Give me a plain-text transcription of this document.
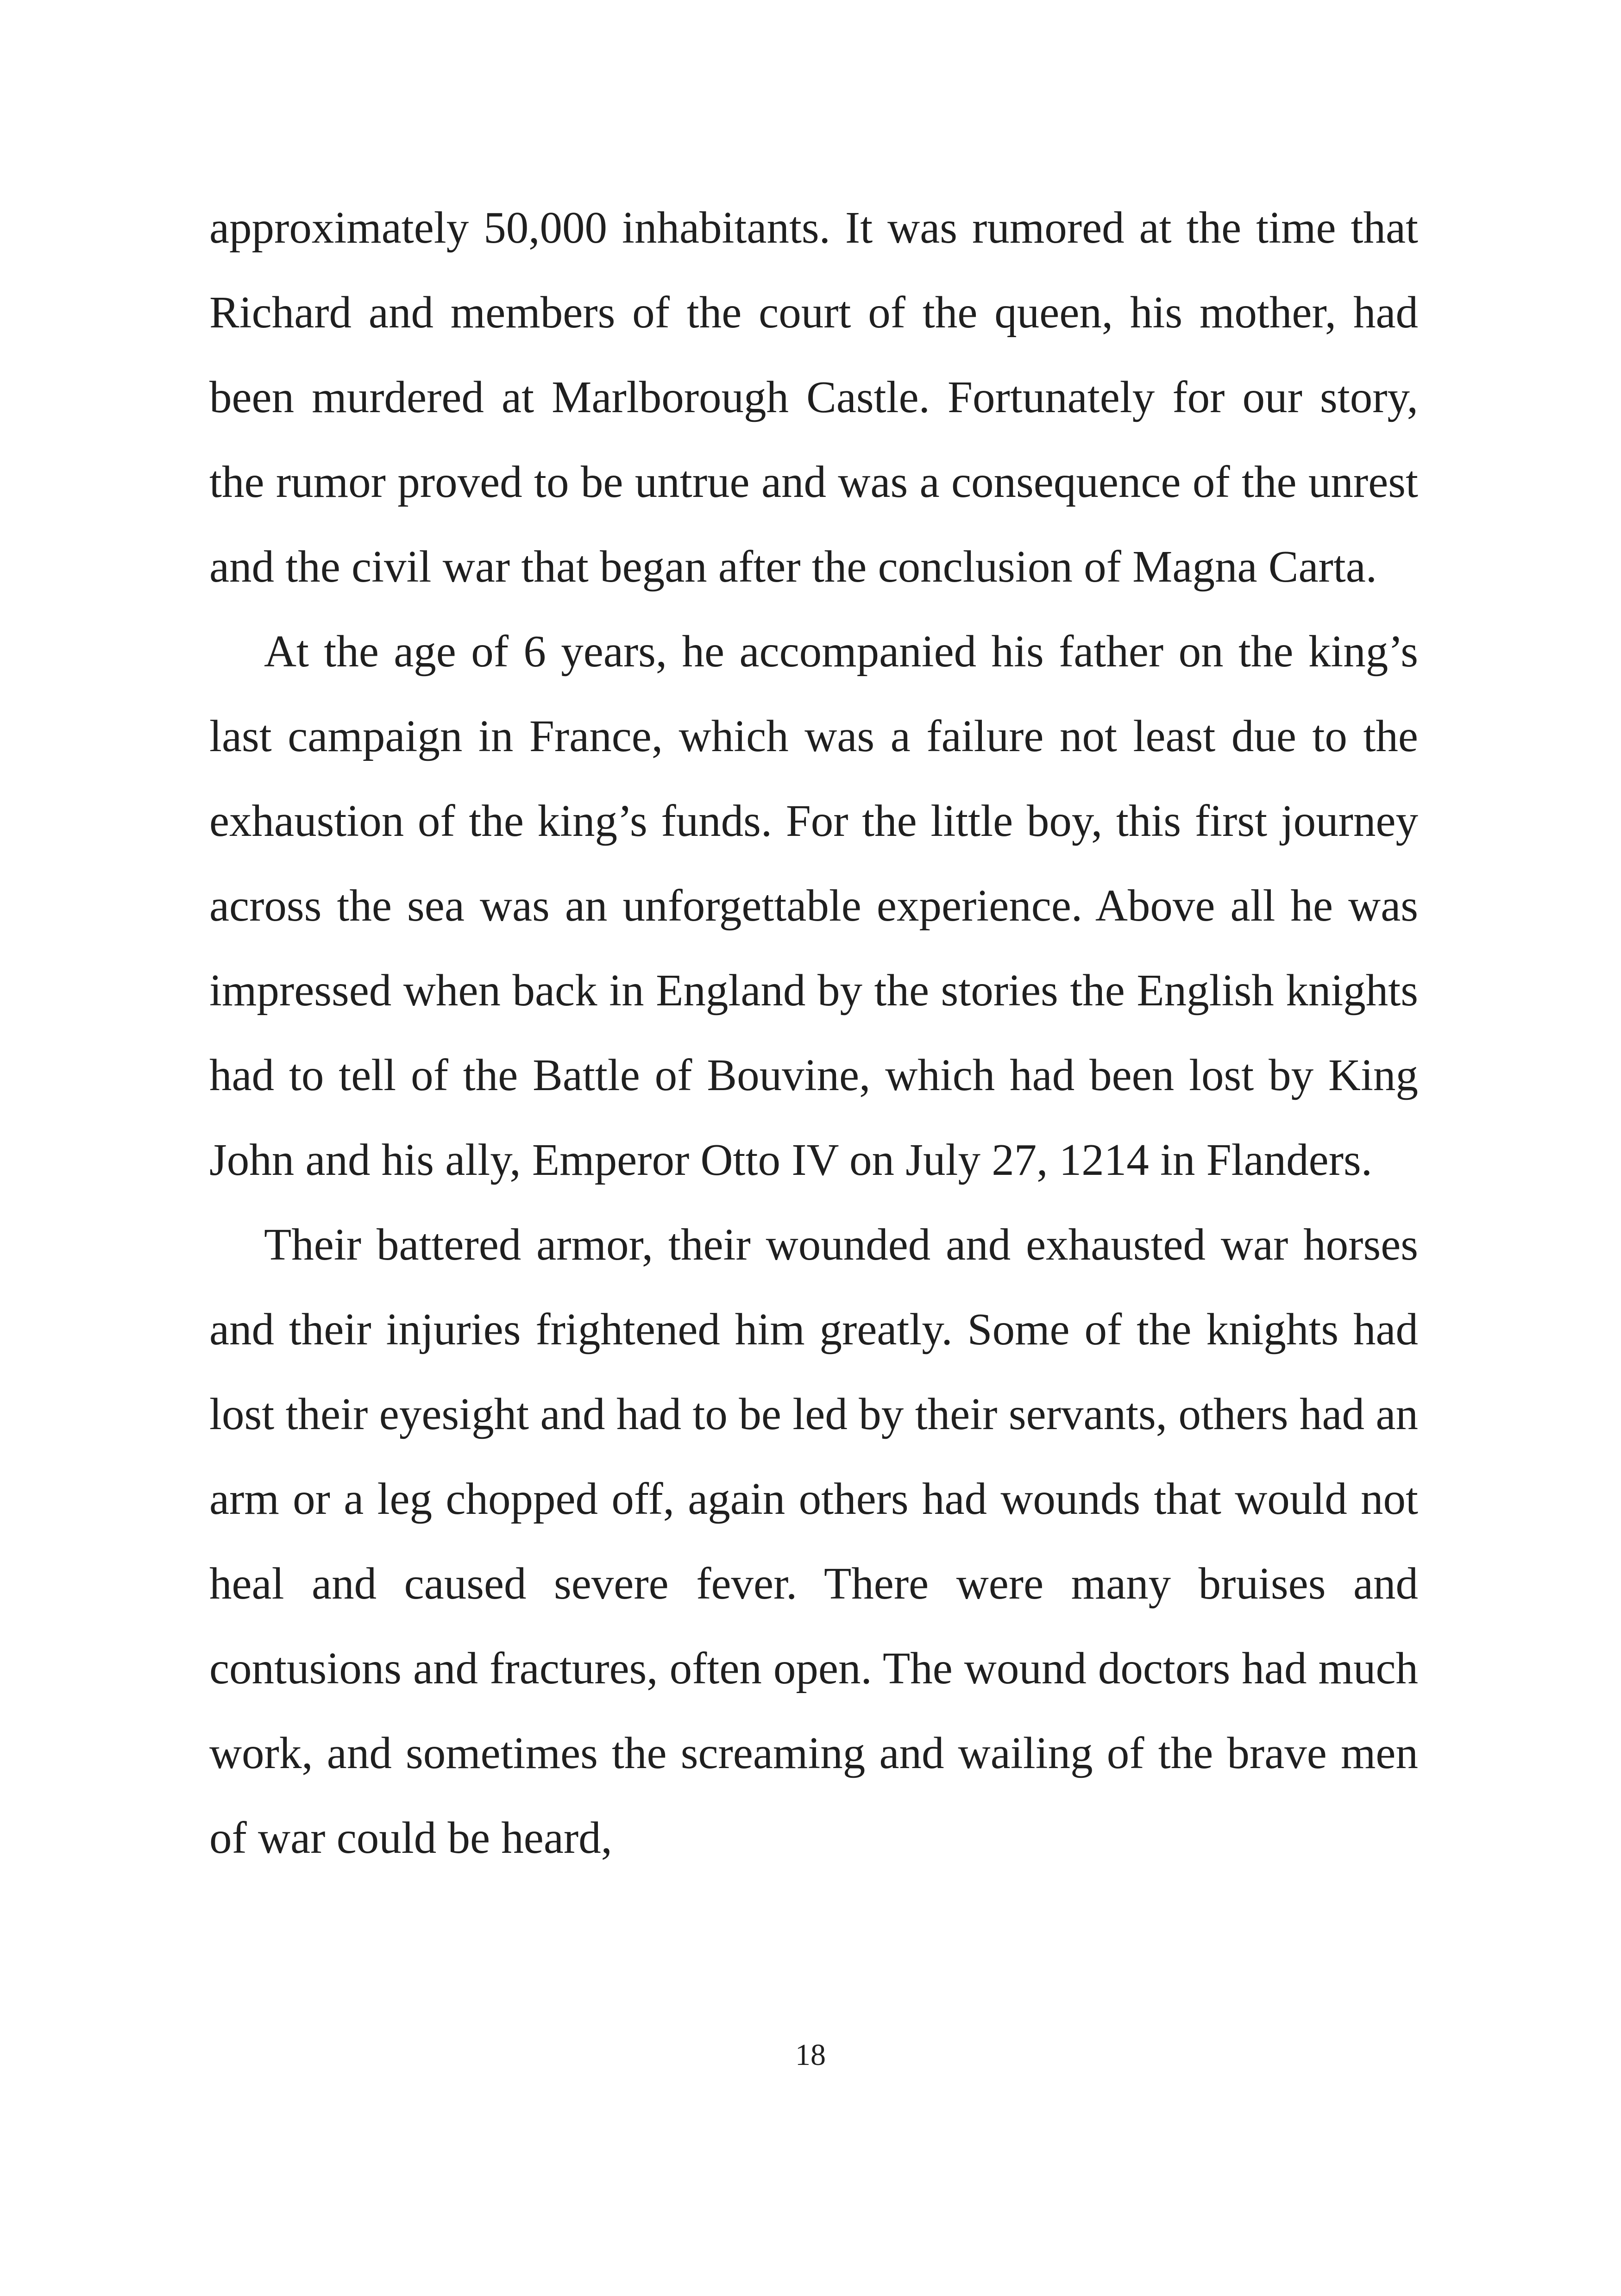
approximately 50,000 inhabitants. It was rumored at the time that Richard and members of the court of the queen, his mother, had been murdered at Marlborough Castle. Fortunately for our story, the rumor proved to be untrue and was a consequence of the unrest and the civil war that began after the conclusion of Magna Carta.

At the age of 6 years, he accompanied his father on the king’s last campaign in France, which was a failure not least due to the exhaustion of the king’s funds. For the little boy, this first journey across the sea was an unforgettable experience. Above all he was impressed when back in England by the stories the English knights had to tell of the Battle of Bouvine, which had been lost by King John and his ally, Emperor Otto IV on July 27, 1214 in Flanders.

Their battered armor, their wounded and exhausted war horses and their injuries frightened him greatly. Some of the knights had lost their eyesight and had to be led by their servants, others had an arm or a leg chopped off, again others had wounds that would not heal and caused severe fever. There were many bruises and contusions and fractures, often open. The wound doctors had much work, and sometimes the screaming and wailing of the brave men of war could be heard,

18
